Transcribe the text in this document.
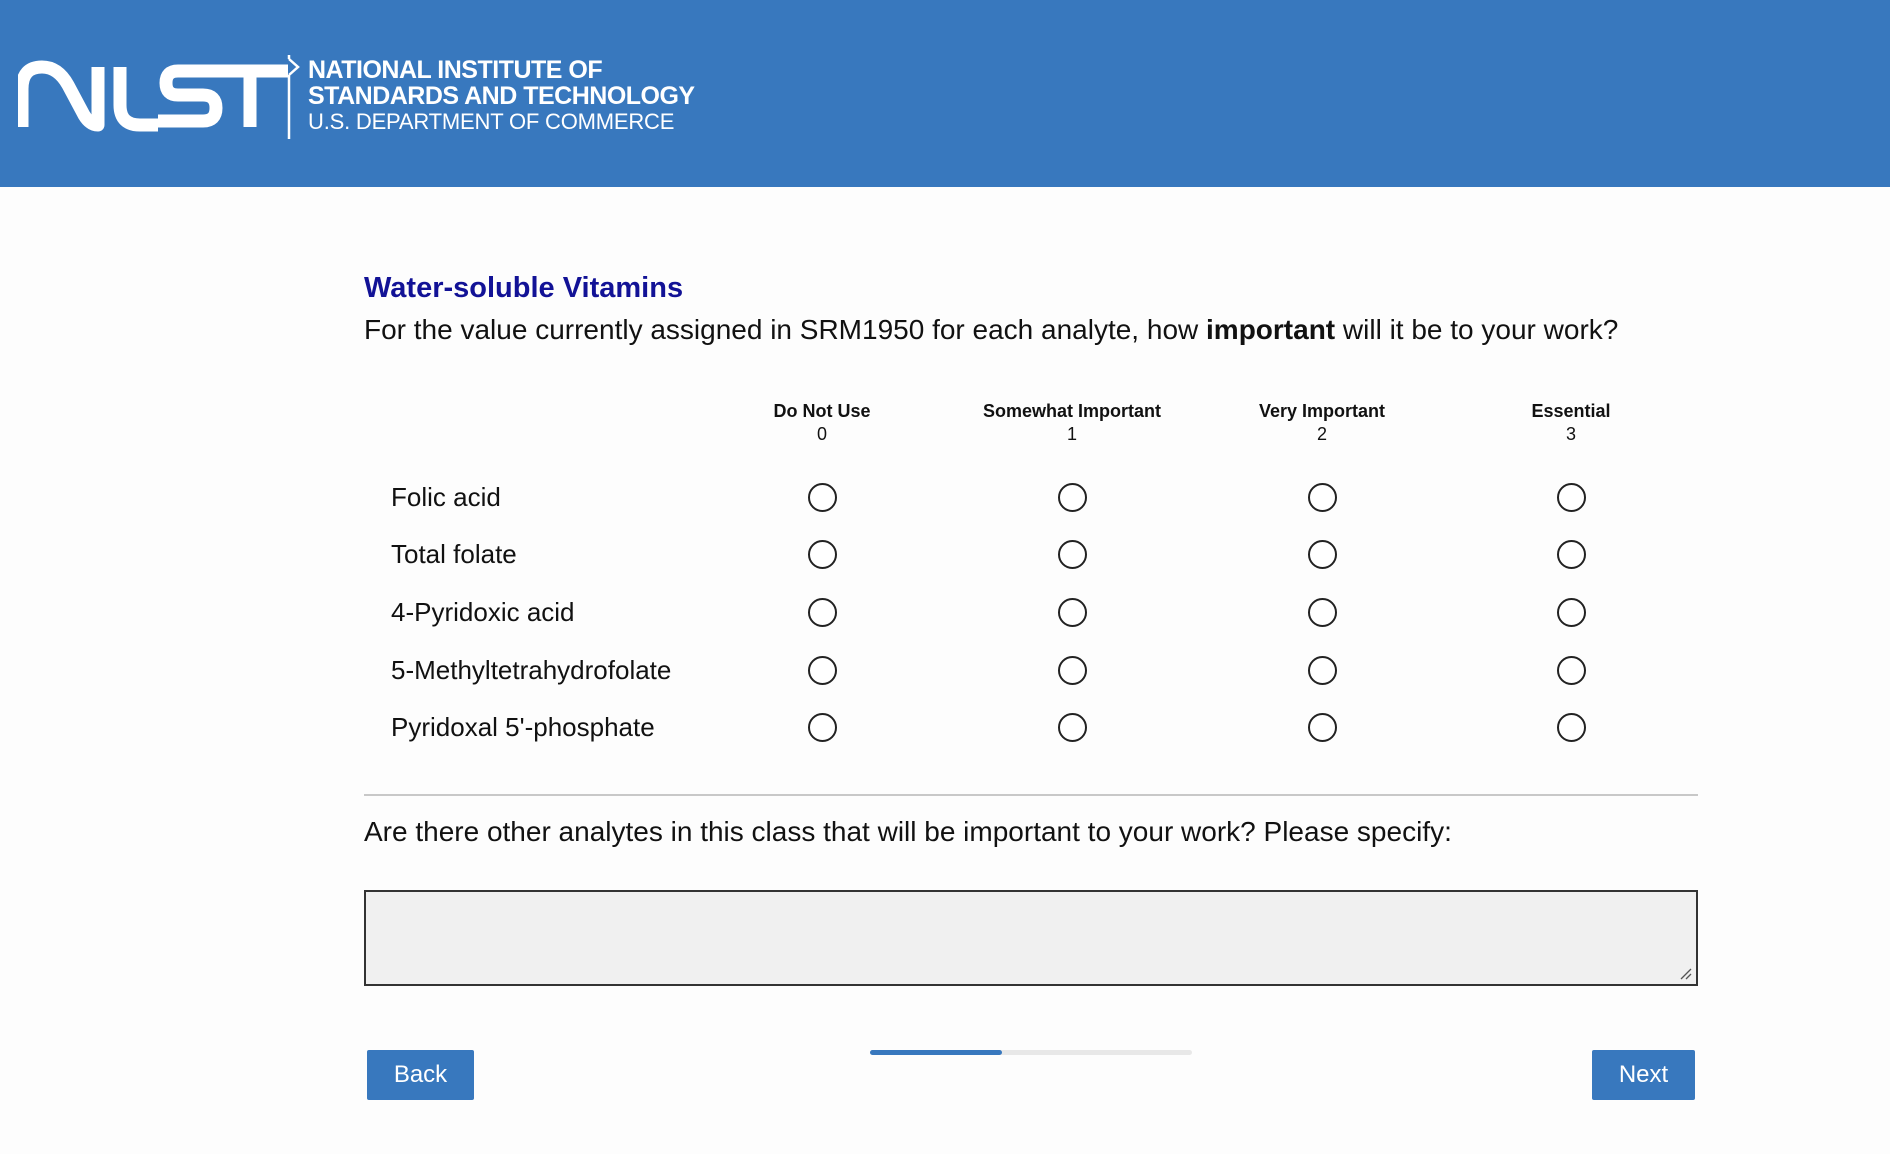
NATIONAL INSTITUTE OF
STANDARDS AND TECHNOLOGY
U.S. DEPARTMENT OF COMMERCE
Water-soluble Vitamins
For the value currently assigned in SRM1950 for each analyte, how important will it be to your work?
Do Not Use
0
Somewhat Important
1
Very Important
2
Essential
3
Folic acid
Total folate
4-Pyridoxic acid
5-Methyltetrahydrofolate
Pyridoxal 5'-phosphate
Are there other analytes in this class that will be important to your work? Please specify:
Back	Next
